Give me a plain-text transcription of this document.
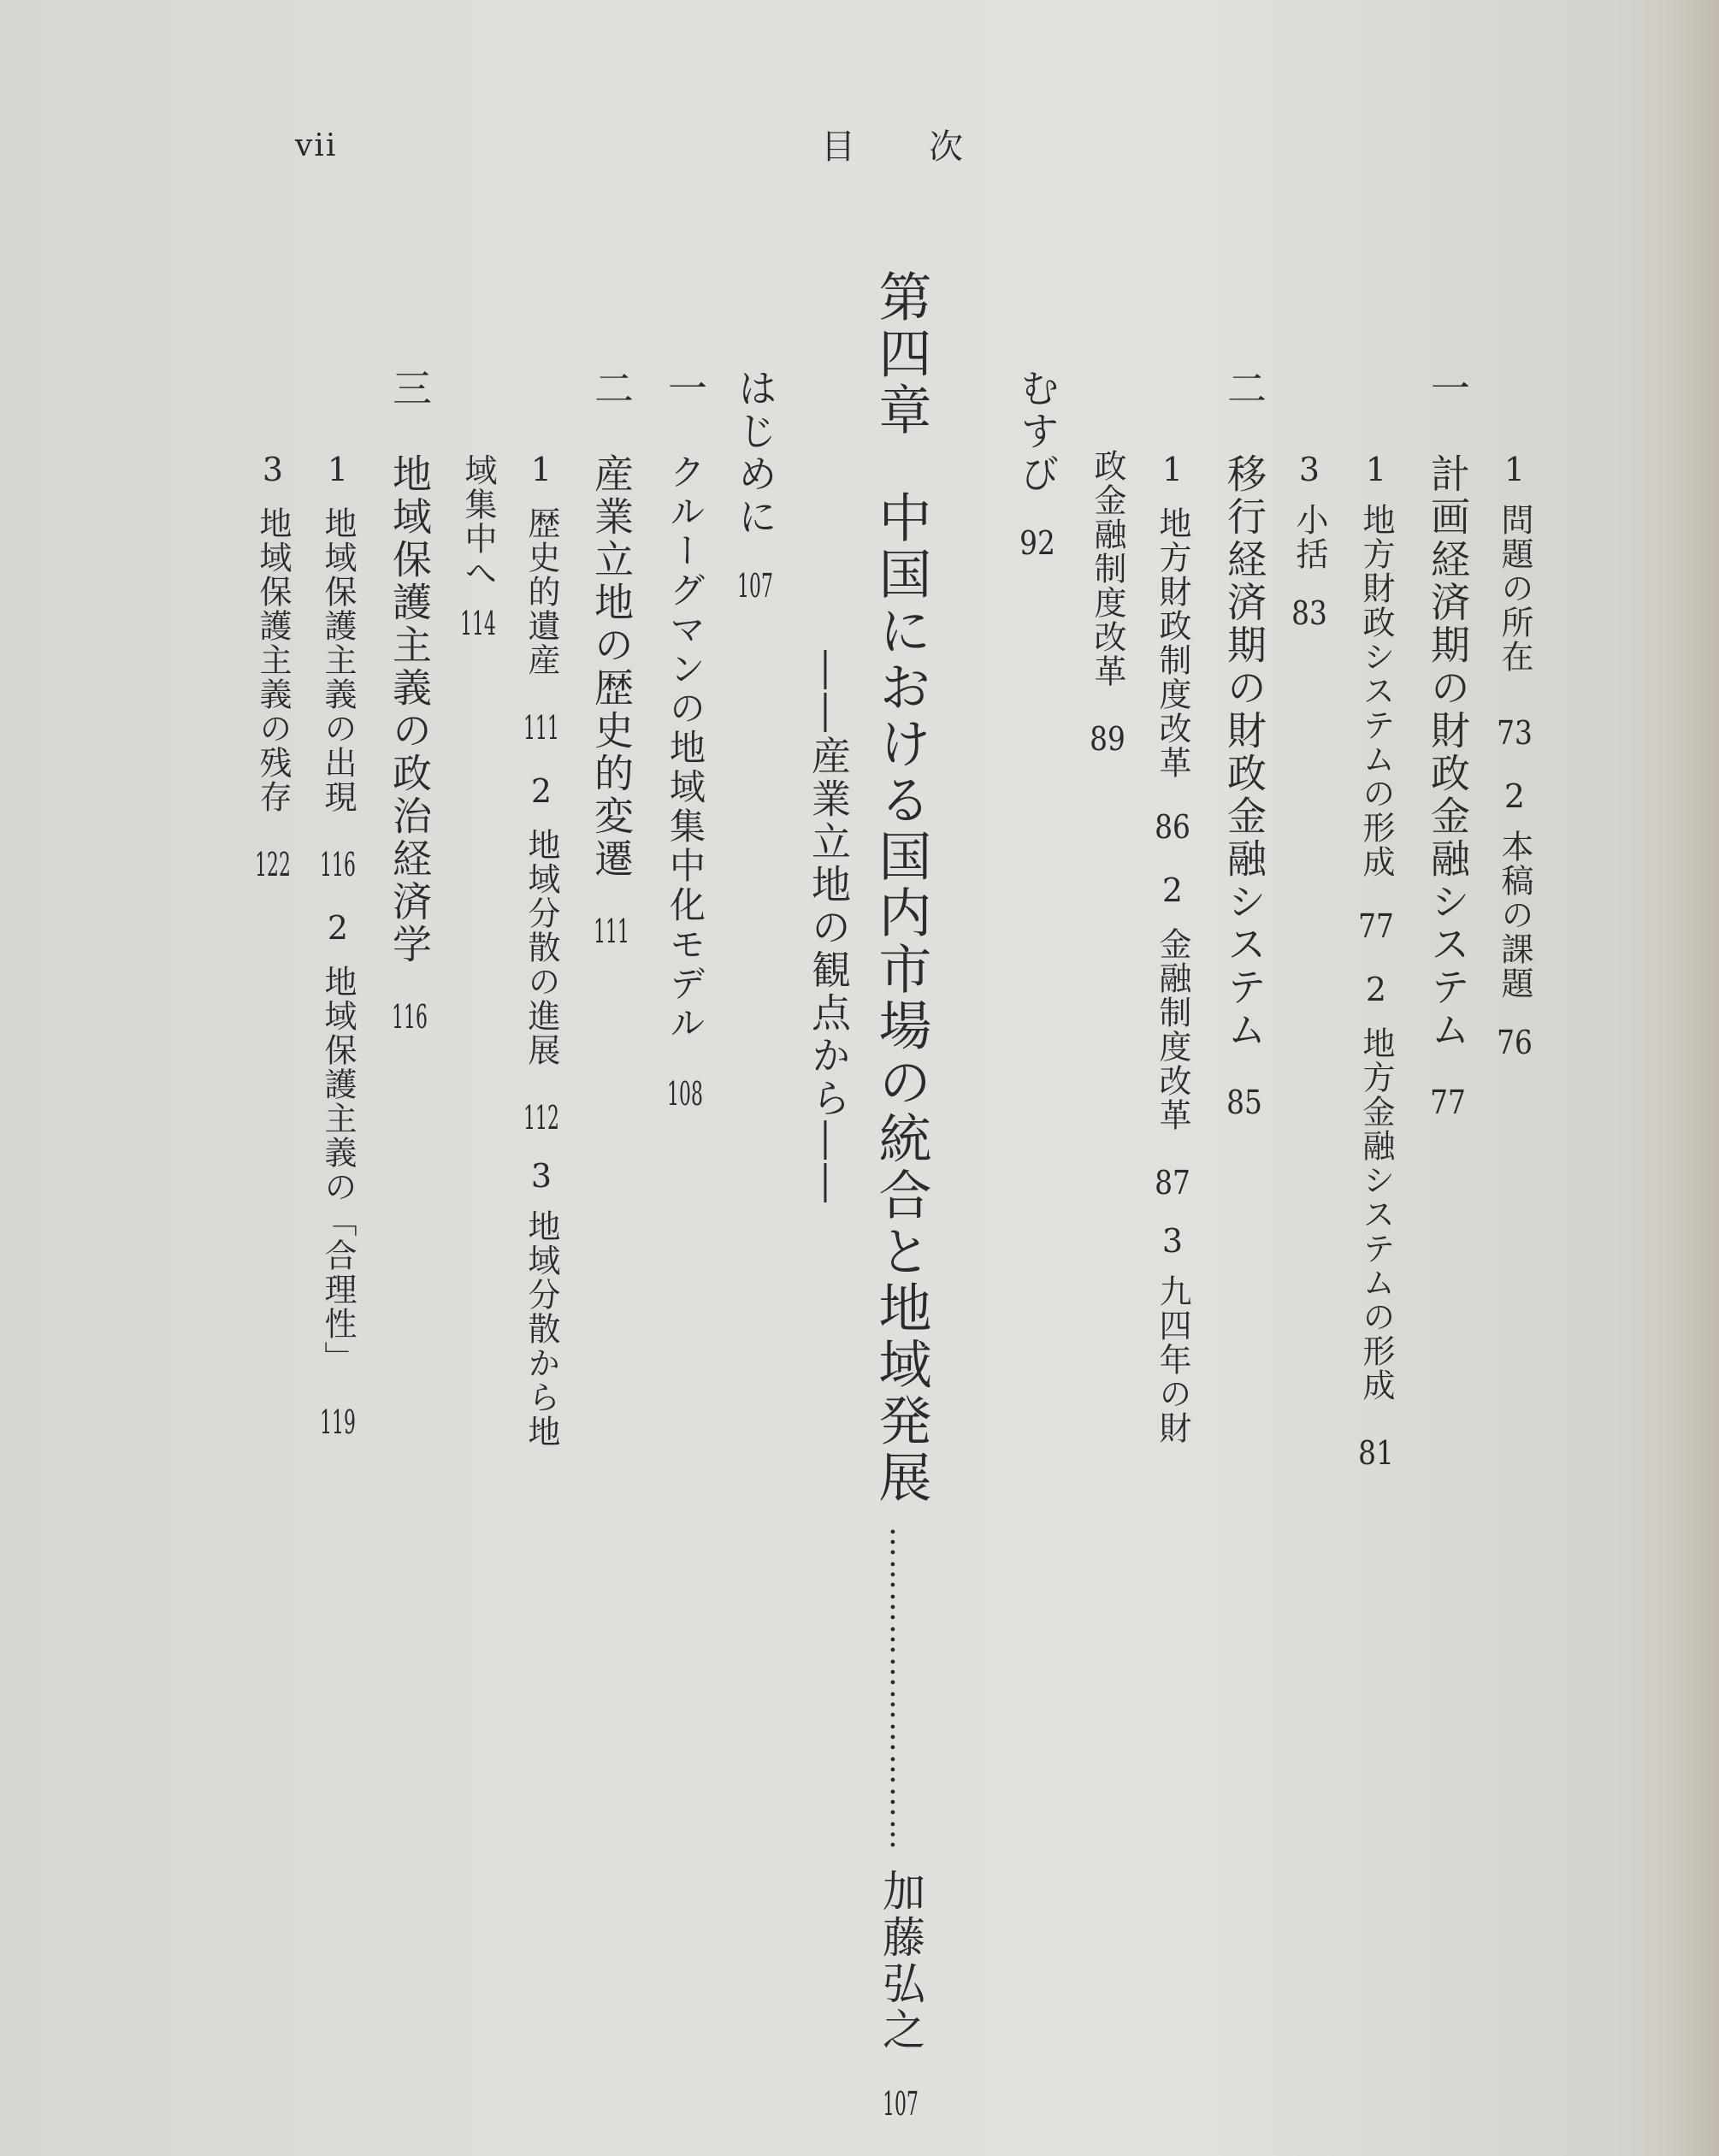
vii	目　　次
1問題の所在732本稿の課題76
一計画経済期の財政金融システム77
1地方財政システムの形成772地方金融システムの形成81
3小括83
二移行経済期の財政金融システム85
1地方財政制度改革862金融制度改革873九四年の財
政金融制度改革89
むすび92
第四章中国における国内市場の統合と地域発展…………………………加藤弘之107
――産業立地の観点から――
はじめに107
一クルーグマンの地域集中化モデル108
二産業立地の歴史的変遷111
1歴史的遺産1112地域分散の進展1123地域分散から地
域集中へ114
三地域保護主義の政治経済学116
1地域保護主義の出現1162地域保護主義の「合理性」119
3地域保護主義の残存122
